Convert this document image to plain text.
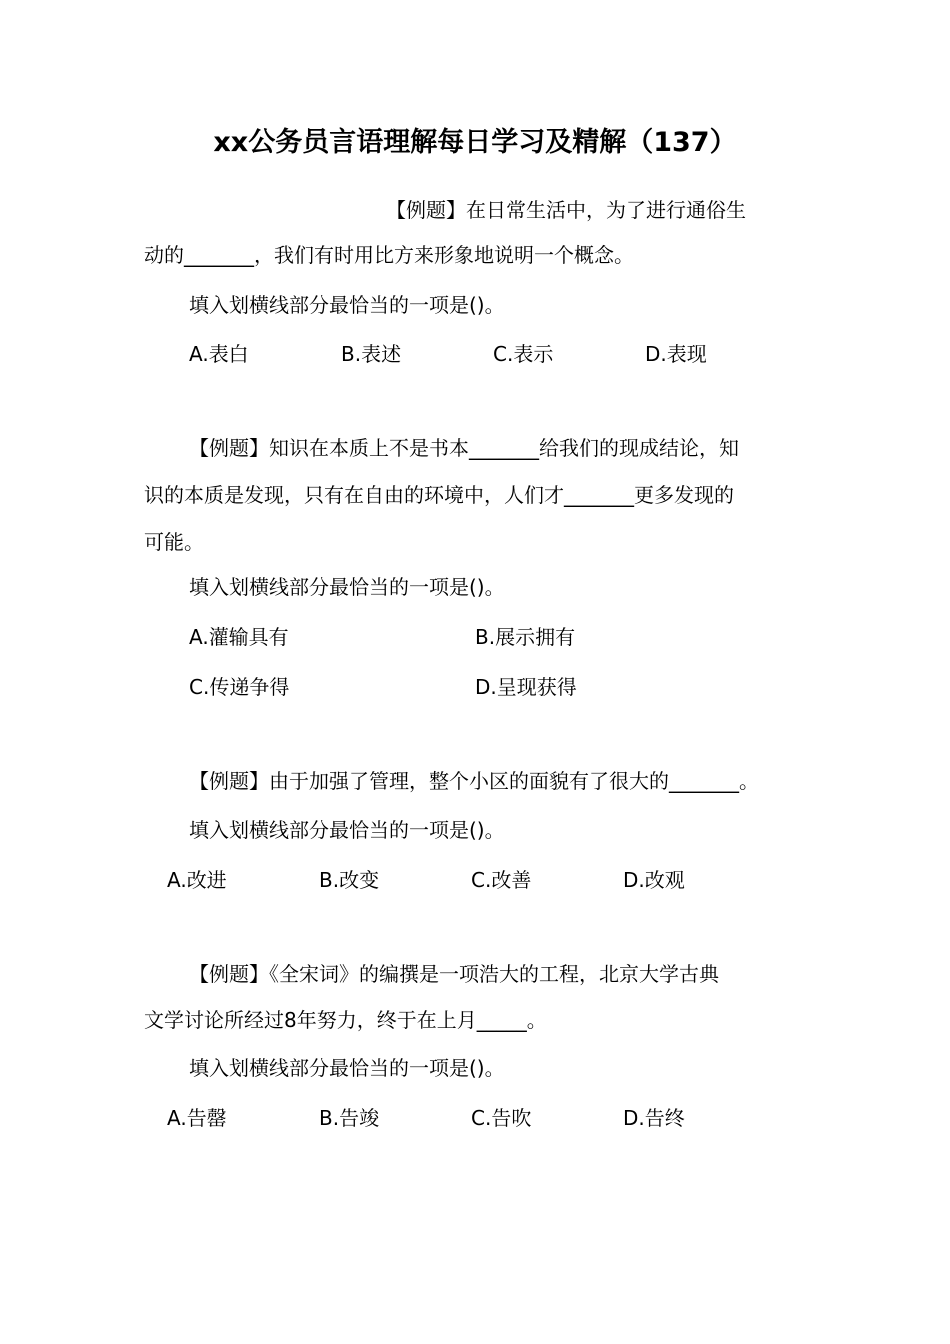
xx公务员言语理解每日学习及精解（137）
【例题】在日常生活中，为了进行通俗生
动的_______，我们有时用比方来形象地说明一个概念。
填入划横线部分最恰当的一项是()。
A.表白	B.表述	C.表示	D.表现
【例题】知识在本质上不是书本_______给我们的现成结论，知
识的本质是发现，只有在自由的环境中，人们才_______更多发现的
可能。
填入划横线部分最恰当的一项是()。
A.灌输具有	B.展示拥有
C.传递争得	D.呈现获得
【例题】由于加强了管理，整个小区的面貌有了很大的_______。
填入划横线部分最恰当的一项是()。
A.改进	B.改变	C.改善	D.改观
【例题】《全宋词》的编撰是一项浩大的工程，北京大学古典
文学讨论所经过8年努力，终于在上月_____。
填入划横线部分最恰当的一项是()。
A.告罄	B.告竣	C.告吹	D.告终
